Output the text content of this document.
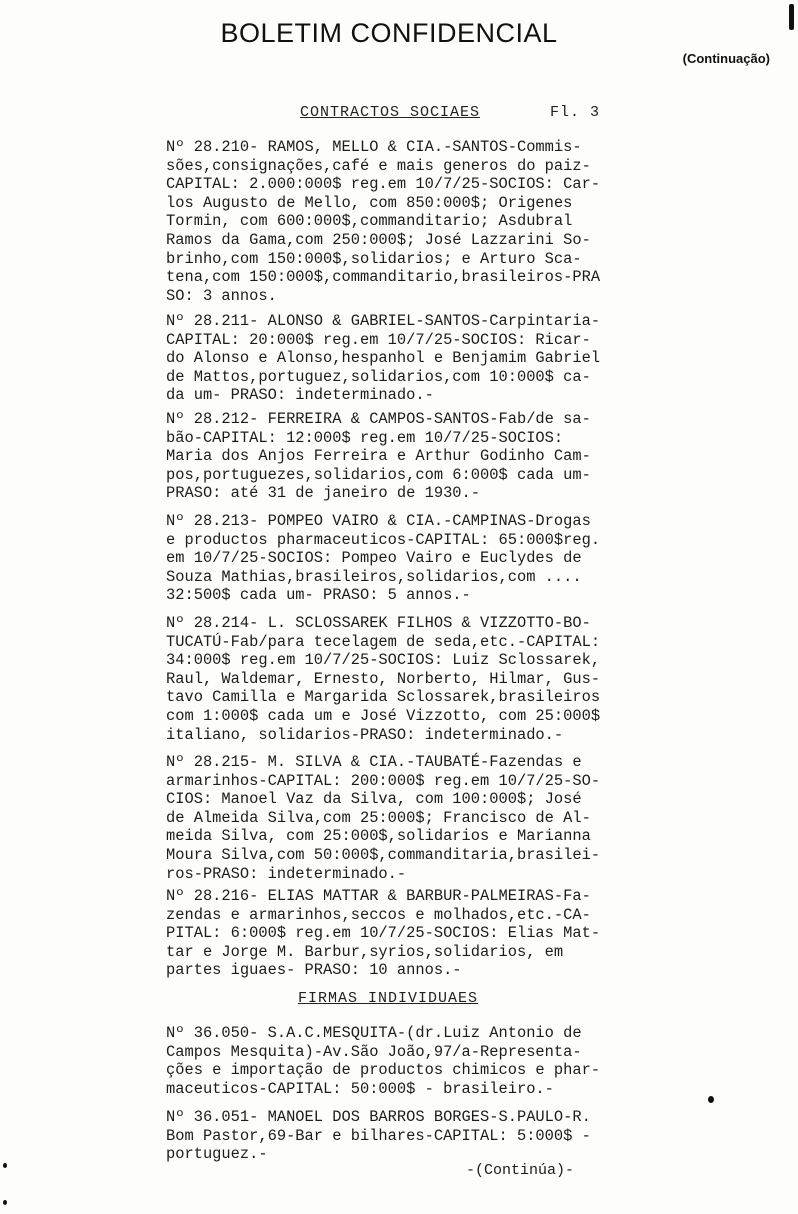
BOLETIM CONFIDENCIAL
(Continuação)
CONTRACTOS SOCIAES	Fl. 3
Nº 28.210- RAMOS, MELLO & CIA.-SANTOS-Commis-
sões,consignações,café e mais generos do paiz-
CAPITAL: 2.000:000$ reg.em 10/7/25-SOCIOS: Car-
los Augusto de Mello, com 850:000$; Origenes
Tormin, com 600:000$,commanditario; Asdubral
Ramos da Gama,com 250:000$; José Lazzarini So-
brinho,com 150:000$,solidarios; e Arturo Sca-
tena,com 150:000$,commanditario,brasileiros-PRA
SO: 3 annos.
Nº 28.211- ALONSO & GABRIEL-SANTOS-Carpintaria-
CAPITAL: 20:000$ reg.em 10/7/25-SOCIOS: Ricar-
do Alonso e Alonso,hespanhol e Benjamim Gabriel
de Mattos,portuguez,solidarios,com 10:000$ ca-
da um- PRASO: indeterminado.-
Nº 28.212- FERREIRA & CAMPOS-SANTOS-Fab/de sa-
bão-CAPITAL: 12:000$ reg.em 10/7/25-SOCIOS:
Maria dos Anjos Ferreira e Arthur Godinho Cam-
pos,portuguezes,solidarios,com 6:000$ cada um-
PRASO: até 31 de janeiro de 1930.-
Nº 28.213- POMPEO VAIRO & CIA.-CAMPINAS-Drogas
e productos pharmaceuticos-CAPITAL: 65:000$reg.
em 10/7/25-SOCIOS: Pompeo Vairo e Euclydes de
Souza Mathias,brasileiros,solidarios,com ....
32:500$ cada um- PRASO: 5 annos.-
Nº 28.214- L. SCLOSSAREK FILHOS & VIZZOTTO-BO-
TUCATÚ-Fab/para tecelagem de seda,etc.-CAPITAL:
34:000$ reg.em 10/7/25-SOCIOS: Luiz Sclossarek,
Raul, Waldemar, Ernesto, Norberto, Hilmar, Gus-
tavo Camilla e Margarida Sclossarek,brasileiros
com 1:000$ cada um e José Vizzotto, com 25:000$
italiano, solidarios-PRASO: indeterminado.-
Nº 28.215- M. SILVA & CIA.-TAUBATÉ-Fazendas e
armarinhos-CAPITAL: 200:000$ reg.em 10/7/25-SO-
CIOS: Manoel Vaz da Silva, com 100:000$; José
de Almeida Silva,com 25:000$; Francisco de Al-
meida Silva, com 25:000$,solidarios e Marianna
Moura Silva,com 50:000$,commanditaria,brasilei-
ros-PRASO: indeterminado.-
Nº 28.216- ELIAS MATTAR & BARBUR-PALMEIRAS-Fa-
zendas e armarinhos,seccos e molhados,etc.-CA-
PITAL: 6:000$ reg.em 10/7/25-SOCIOS: Elias Mat-
tar e Jorge M. Barbur,syrios,solidarios, em
partes iguaes- PRASO: 10 annos.-
FIRMAS INDIVIDUAES
Nº 36.050- S.A.C.MESQUITA-(dr.Luiz Antonio de
Campos Mesquita)-Av.São João,97/a-Representa-
ções e importação de productos chimicos e phar-
maceuticos-CAPITAL: 50:000$ - brasileiro.-
Nº 36.051- MANOEL DOS BARROS BORGES-S.PAULO-R.
Bom Pastor,69-Bar e bilhares-CAPITAL: 5:000$ -
portuguez.-
-(Continúa)-
